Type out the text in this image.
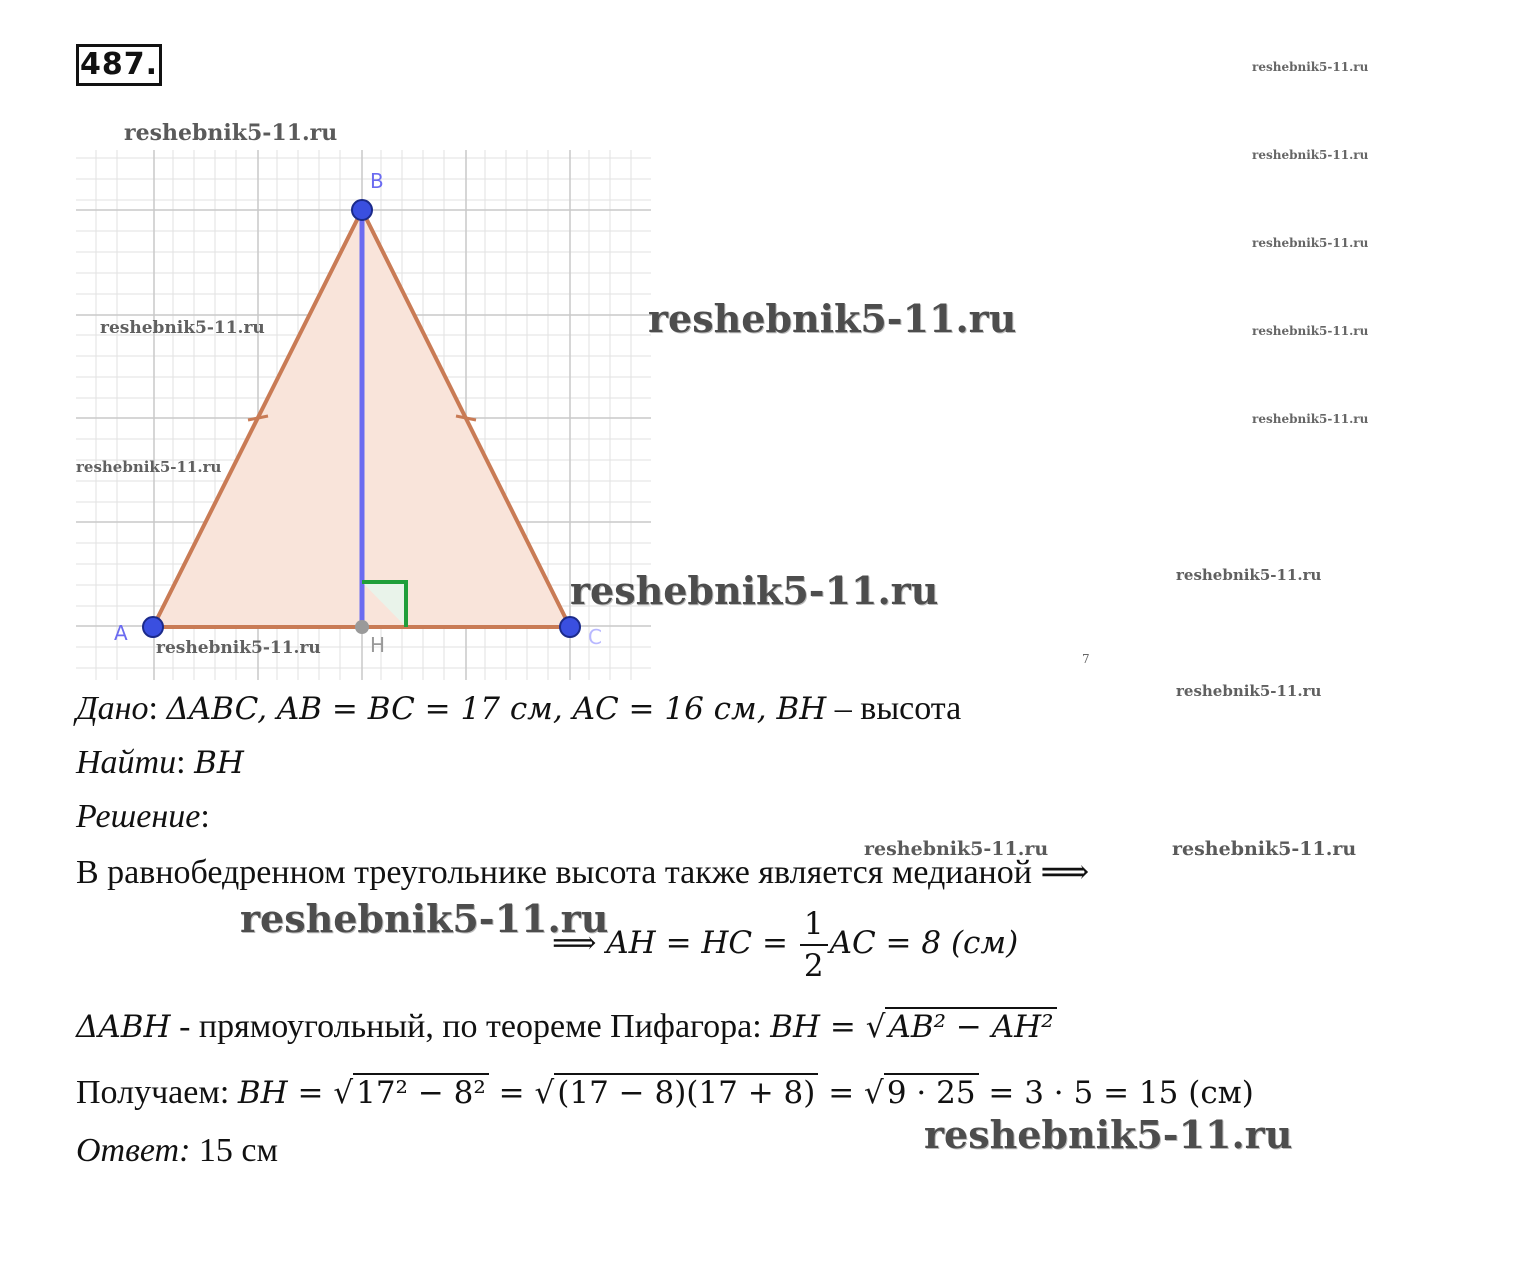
487.
A
B
C
H
reshebnik5-11.ru
reshebnik5-11.ru
reshebnik5-11.ru
reshebnik5-11.ru
reshebnik5-11.ru
reshebnik5-11.ru
reshebnik5-11.ru
reshebnik5-11.ru
reshebnik5-11.ru
reshebnik5-11.ru
reshebnik5-11.ru
reshebnik5-11.ru
reshebnik5-11.ru
reshebnik5-11.ru	reshebnik5-11.ru
reshebnik5-11.ru
reshebnik5-11.ru
7
Дано: ΔABC, AB = BC = 17 см, AC = 16 см, BH – высота
Найти: BH
Решение:
В равнобедренном треугольнике высота также является медианой ⟹
⟹ AH = HC = $\frac{1}{2}$ AC = 8 (см)
ΔABH - прямоугольный, по теореме Пифагора: BH = √AB² − AH²
Получаем: BH = √17² − 8² = √(17 − 8)(17 + 8) = √9 · 25 = 3 · 5 = 15 (см)
Ответ: 15 см
